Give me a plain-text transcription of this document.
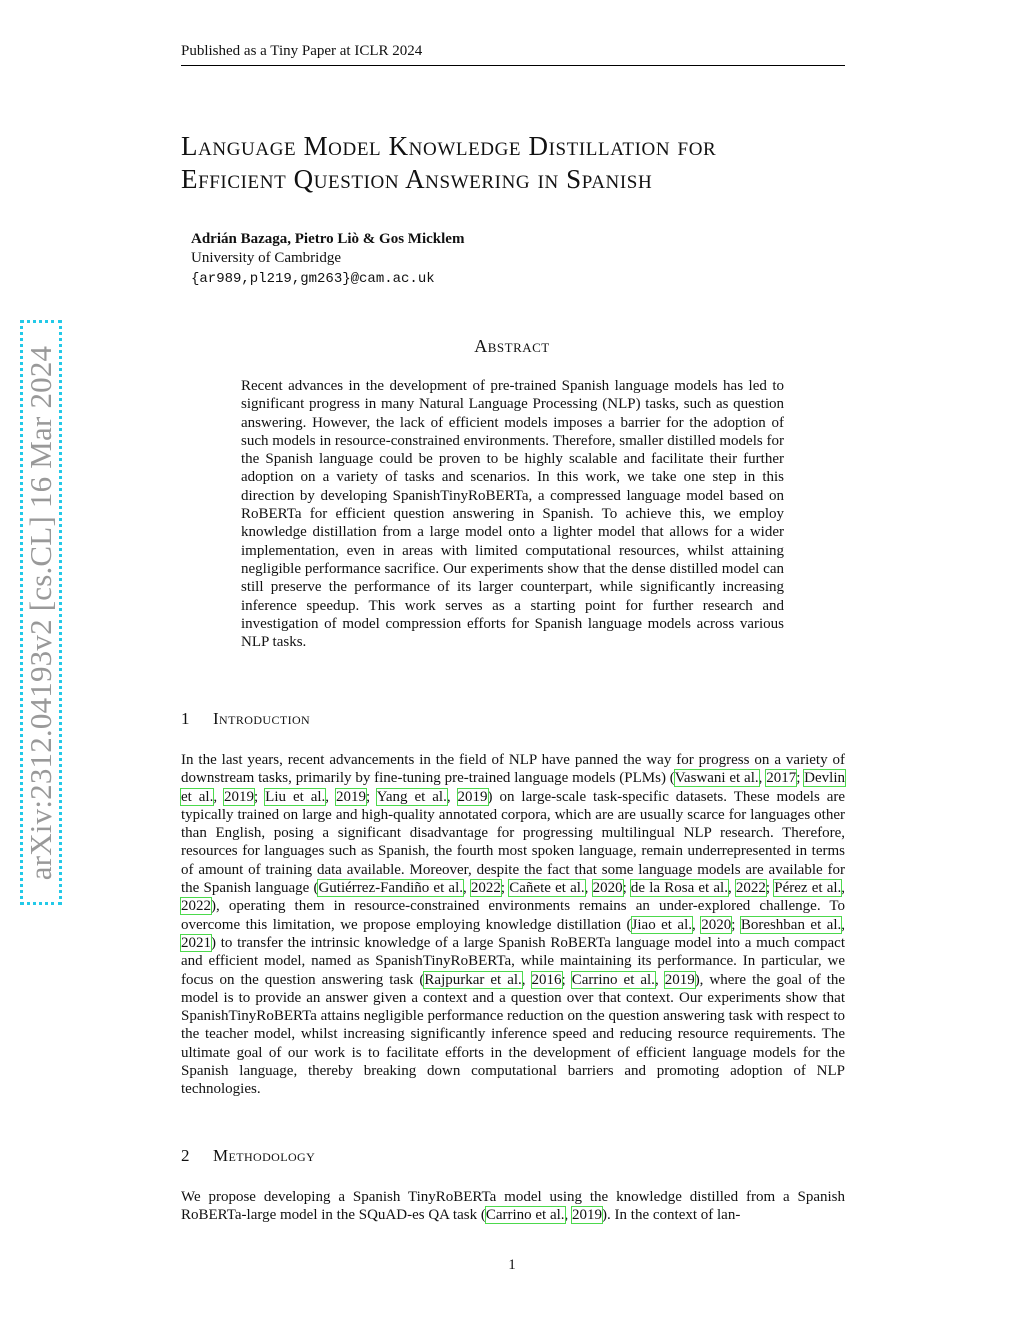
Published as a Tiny Paper at ICLR 2024
arXiv:2312.04193v2 [cs.CL] 16 Mar 2024
Language Model Knowledge Distillation for
Efficient Question Answering in Spanish
Adrián Bazaga, Pietro Liò & Gos Micklem
University of Cambridge
{ar989,pl219,gm263}@cam.ac.uk
Abstract
Recent advances in the development of pre-trained Spanish language models has led to significant progress in many Natural Language Processing (NLP) tasks, such as question answering. However, the lack of efficient models imposes a barrier for the adoption of such models in resource-constrained environments. Therefore, smaller distilled models for the Spanish language could be proven to be highly scalable and facilitate their further adoption on a variety of tasks and scenarios. In this work, we take one step in this direction by developing SpanishTinyRoBERTa, a compressed language model based on RoBERTa for efficient question answering in Spanish. To achieve this, we employ knowledge distillation from a large model onto a lighter model that allows for a wider implementation, even in areas with limited computational resources, whilst attaining negligible performance sacrifice. Our experiments show that the dense distilled model can still preserve the performance of its larger counterpart, while significantly increasing inference speedup. This work serves as a starting point for further research and investigation of model compression efforts for Spanish language models across various NLP tasks.
1 Introduction
In the last years, recent advancements in the field of NLP have panned the way for progress on a variety of downstream tasks, primarily by fine-tuning pre-trained language models (PLMs) (Vaswani et al., 2017; Devlin et al., 2019; Liu et al., 2019; Yang et al., 2019) on large-scale task-specific datasets. These models are typically trained on large and high-quality annotated corpora, which are are usually scarce for languages other than English, posing a significant disadvantage for progressing multilingual NLP research. Therefore, resources for languages such as Spanish, the fourth most spoken language, remain underrepresented in terms of amount of training data available. Moreover, despite the fact that some language models are available for the Spanish language (Gutiérrez-Fandiño et al., 2022; Cañete et al., 2020; de la Rosa et al., 2022; Pérez et al., 2022), operating them in resource-constrained environments remains an under-explored challenge. To overcome this limitation, we propose employing knowledge distillation (Jiao et al., 2020; Boreshban et al., 2021) to transfer the intrinsic knowledge of a large Spanish RoBERTa language model into a much compact and efficient model, named as SpanishTinyRoBERTa, while maintaining its performance. In particular, we focus on the question answering task (Rajpurkar et al., 2016; Carrino et al., 2019), where the goal of the model is to provide an answer given a context and a question over that context. Our experiments show that SpanishTinyRoBERTa attains negligible performance reduction on the question answering task with respect to the teacher model, whilst increasing significantly inference speed and reducing resource requirements. The ultimate goal of our work is to facilitate efforts in the development of efficient language models for the Spanish language, thereby breaking down computational barriers and promoting adoption of NLP technologies.
2 Methodology
We propose developing a Spanish TinyRoBERTa model using the knowledge distilled from a Spanish RoBERTa-large model in the SQuAD-es QA task (Carrino et al., 2019). In the context of lan-
1
